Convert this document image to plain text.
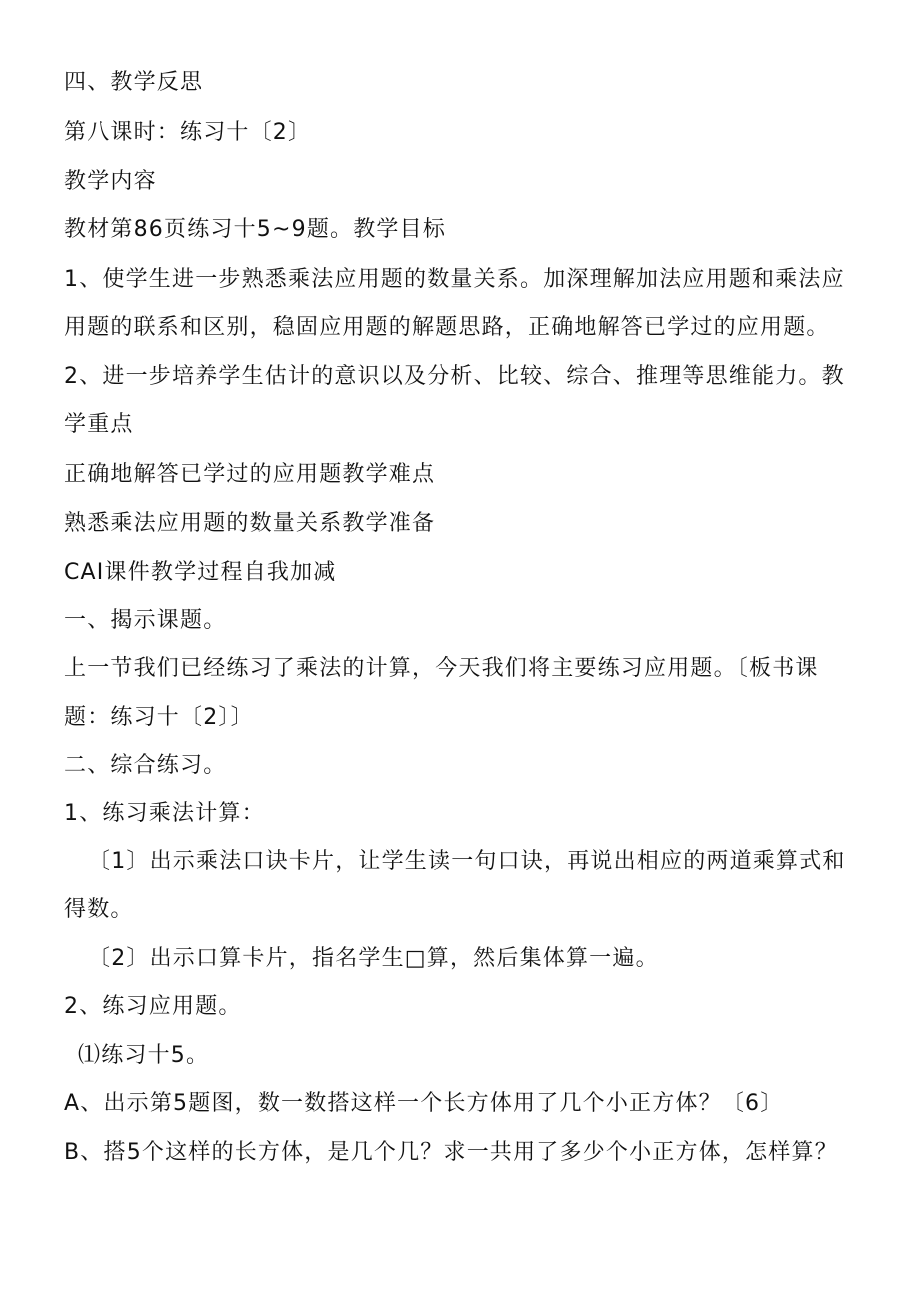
四、教学反思
第八课时：练习十〔2〕
教学内容
教材第86页练习十5~9题。教学目标
1、使学生进一步熟悉乘法应用题的数量关系。加深理解加法应用题和乘法应
用题的联系和区别，稳固应用题的解题思路，正确地解答已学过的应用题。
2、进一步培养学生估计的意识以及分析、比较、综合、推理等思维能力。教
学重点
正确地解答已学过的应用题教学难点
熟悉乘法应用题的数量关系教学准备
CAI课件教学过程自我加减
一、揭示课题。
上一节我们已经练习了乘法的计算，今天我们将主要练习应用题。〔板书课
题：练习十〔2〕〕
二、综合练习。
1、练习乘法计算：
〔1〕出示乘法口诀卡片，让学生读一句口诀，再说出相应的两道乘算式和
得数。
〔2〕出示口算卡片，指名学生□算，然后集体算一遍。
2、练习应用题。
⑴练习十5。
A、出示第5题图，数一数搭这样一个长方体用了几个小正方体？〔6〕
B、搭5个这样的长方体，是几个几？求一共用了多少个小正方体，怎样算？
